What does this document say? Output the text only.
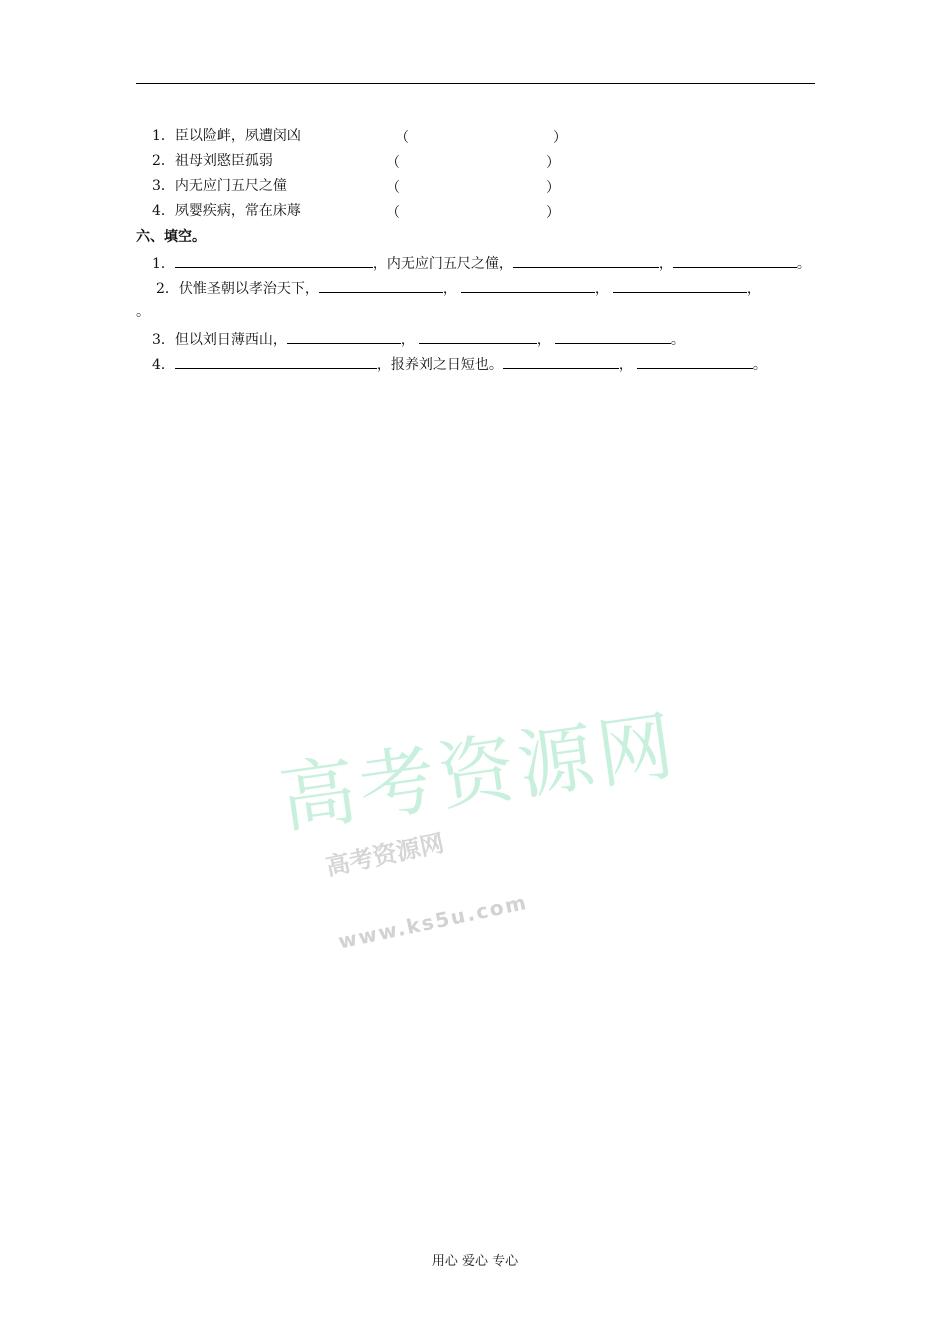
1．臣以险衅，夙遭闵凶	（	）
2．祖母刘愍臣孤弱	（	）
3．内无应门五尺之僮	（	）
4．夙婴疾病，常在床蓐	（	）
六、填空。
1．	，内无应门五尺之僮，	，	。
2．伏惟圣朝以孝治天下，	，	，	，
。
3．但以刘日薄西山，	，	，	。
4．	，报养刘之日短也。	，	。
高考资源网
高考资源网
www.ks5u.com
用心 爱心 专心
